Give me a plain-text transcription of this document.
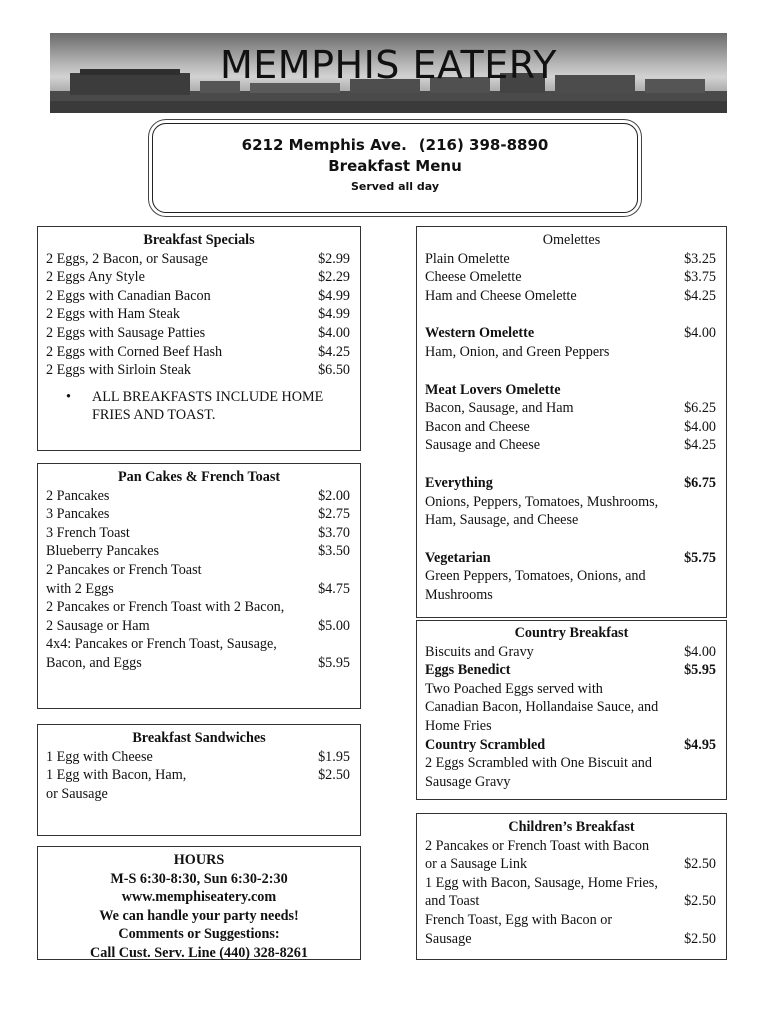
MEMPHIS EATERY
6212 Memphis Ave. (216) 398-8890
Breakfast Menu
Served all day
Breakfast Specials
2 Eggs, 2 Bacon, or Sausage	$2.99
2 Eggs Any Style	$2.29
2 Eggs with Canadian Bacon	$4.99
2 Eggs with Ham Steak	$4.99
2 Eggs with Sausage Patties	$4.00
2 Eggs with Corned Beef Hash	$4.25
2 Eggs with Sirloin Steak	$6.50
•	ALL BREAKFASTS INCLUDE HOME FRIES AND TOAST.
Pan Cakes & French Toast
2 Pancakes	$2.00
3 Pancakes	$2.75
3 French Toast	$3.70
Blueberry Pancakes	$3.50
2 Pancakes or French Toast
with 2 Eggs	$4.75
2 Pancakes or French Toast with 2 Bacon,
2 Sausage or Ham	$5.00
4x4: Pancakes or French Toast, Sausage,
Bacon, and Eggs	$5.95
Breakfast Sandwiches
1 Egg with Cheese	$1.95
1 Egg with Bacon, Ham,	$2.50
or Sausage
HOURS
M-S 6:30-8:30, Sun 6:30-2:30
www.memphiseatery.com
We can handle your party needs!
Comments or Suggestions:
Call Cust. Serv. Line (440) 328-8261
Omelettes
Plain Omelette	$3.25
Cheese Omelette	$3.75
Ham and Cheese Omelette	$4.25
Western Omelette	$4.00
Ham, Onion, and Green Peppers
Meat Lovers Omelette
Bacon, Sausage, and Ham	$6.25
Bacon and Cheese	$4.00
Sausage and Cheese	$4.25
Everything	$6.75
Onions, Peppers, Tomatoes, Mushrooms,
Ham, Sausage, and Cheese
Vegetarian	$5.75
Green Peppers, Tomatoes, Onions, and
Mushrooms
Country Breakfast
Biscuits and Gravy	$4.00
Eggs Benedict	$5.95
Two Poached Eggs served with
Canadian Bacon, Hollandaise Sauce, and
Home Fries
Country Scrambled	$4.95
2 Eggs Scrambled with One Biscuit and
Sausage Gravy
Children’s Breakfast
2 Pancakes or French Toast with Bacon
or a Sausage Link	$2.50
1 Egg with Bacon, Sausage, Home Fries,
and Toast	$2.50
French Toast, Egg with Bacon or
Sausage	$2.50
